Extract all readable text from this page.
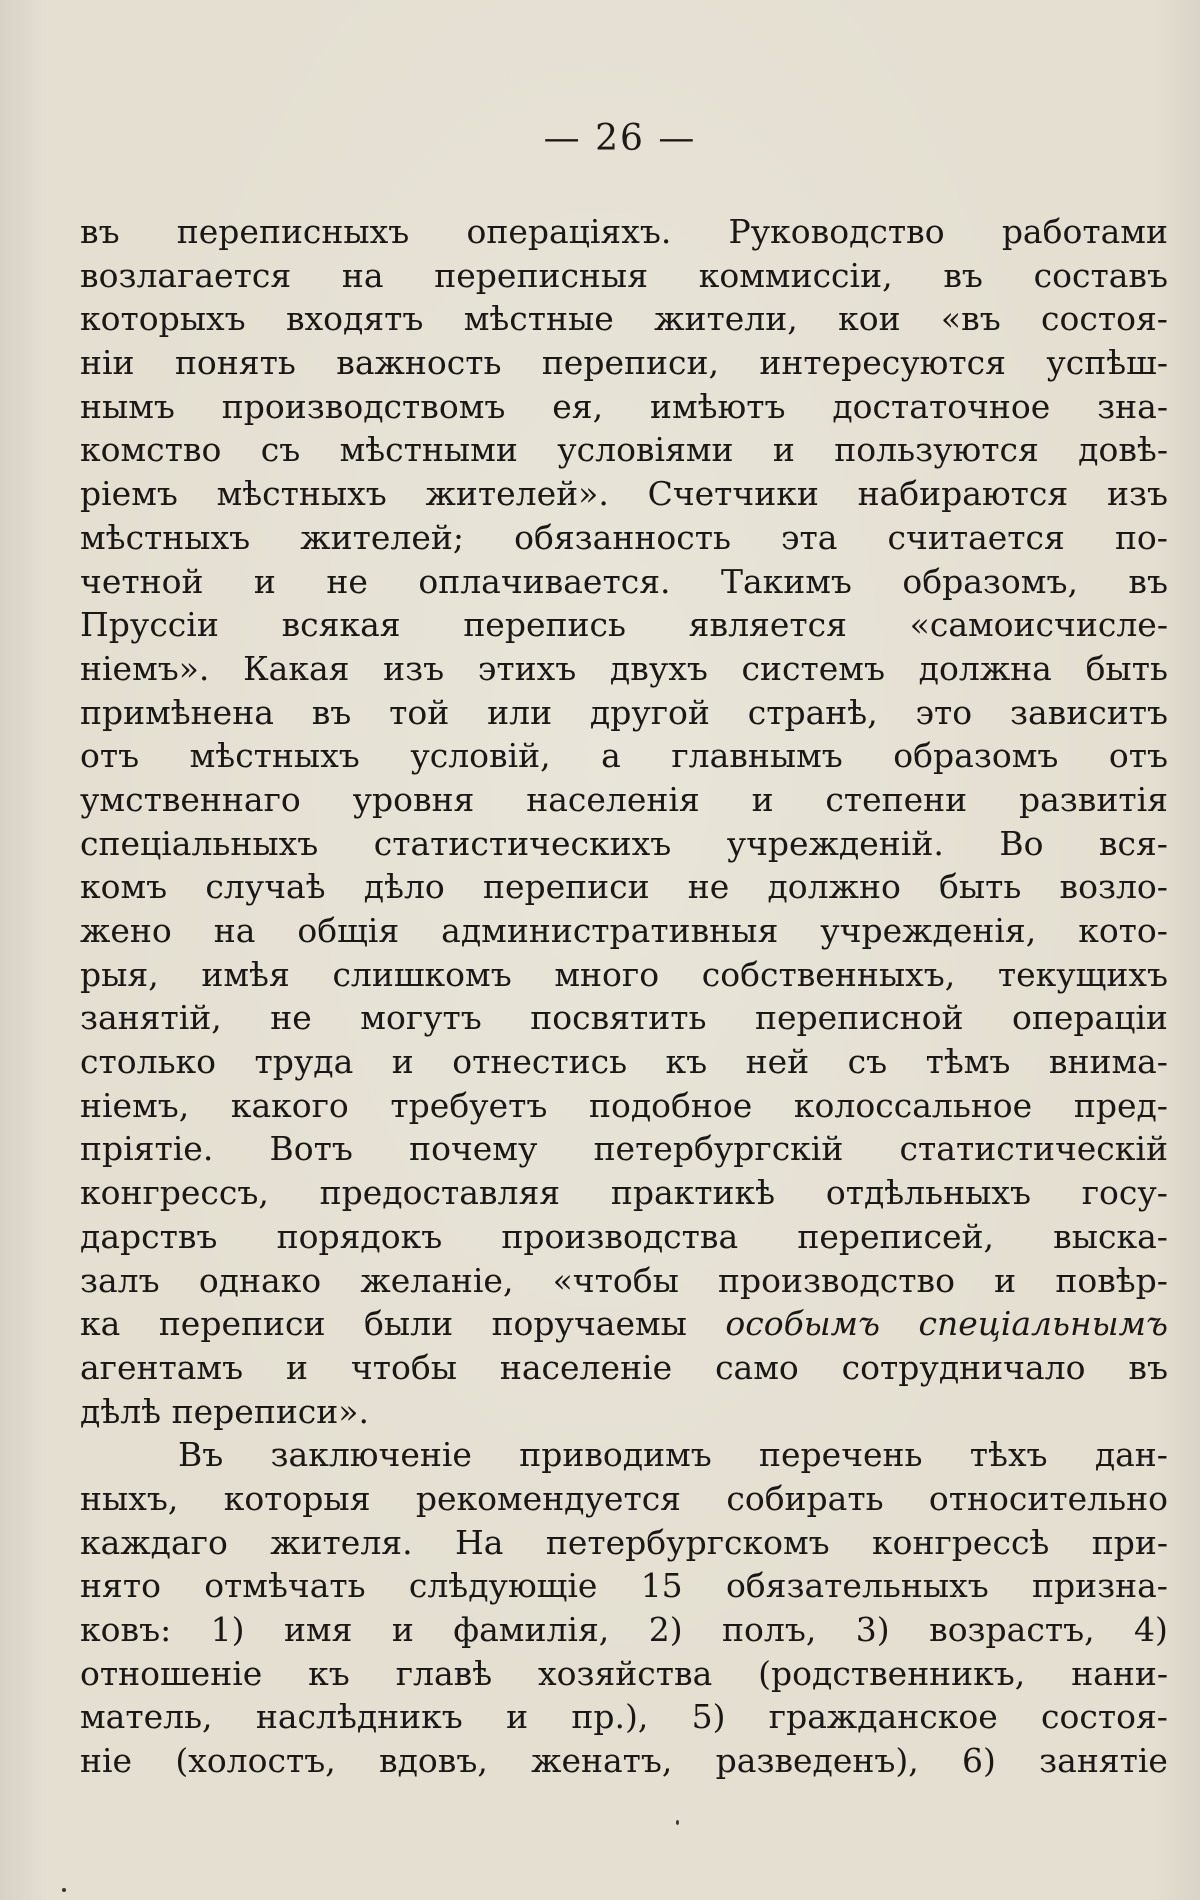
— 26 —
въ переписныхъ операціяхъ. Руководство работами
возлагается на переписныя коммиссіи, въ составъ
которыхъ входятъ мѣстные жители, кои «въ состоя-
ніи понять важность переписи, интересуются успѣш-
нымъ производствомъ ея, имѣютъ достаточное зна-
комство съ мѣстными условіями и пользуются довѣ-
ріемъ мѣстныхъ жителей». Счетчики набираются изъ
мѣстныхъ жителей; обязанность эта считается по-
четной и не оплачивается. Такимъ образомъ, въ
Пруссіи всякая перепись является «самоисчисле-
ніемъ». Какая изъ этихъ двухъ системъ должна быть
примѣнена въ той или другой странѣ, это зависитъ
отъ мѣстныхъ условій, а главнымъ образомъ отъ
умственнаго уровня населенія и степени развитія
спеціальныхъ статистическихъ учрежденій. Во вся-
комъ случаѣ дѣло переписи не должно быть возло-
жено на общія административныя учрежденія, кото-
рыя, имѣя слишкомъ много собственныхъ, текущихъ
занятій, не могутъ посвятить переписной операціи
столько труда и отнестись къ ней съ тѣмъ внима-
ніемъ, какого требуетъ подобное колоссальное пред-
пріятіе. Вотъ почему петербургскій статистическій
конгрессъ, предоставляя практикѣ отдѣльныхъ госу-
дарствъ порядокъ производства переписей, выска-
залъ однако желаніе, «чтобы производство и повѣр-
ка переписи были поручаемы особымъ спеціальнымъ
агентамъ и чтобы населеніе само сотрудничало въ
дѣлѣ переписи».
Въ заключеніе приводимъ перечень тѣхъ дан-
ныхъ, которыя рекомендуется собирать относительно
каждаго жителя. На петербургскомъ конгрессѣ при-
нято отмѣчать слѣдующіе 15 обязательныхъ призна-
ковъ: 1) имя и фамилія, 2) полъ, 3) возрастъ, 4)
отношеніе къ главѣ хозяйства (родственникъ, нани-
матель, наслѣдникъ и пр.), 5) гражданское состоя-
ніе (холостъ, вдовъ, женатъ, разведенъ), 6) занятіе
